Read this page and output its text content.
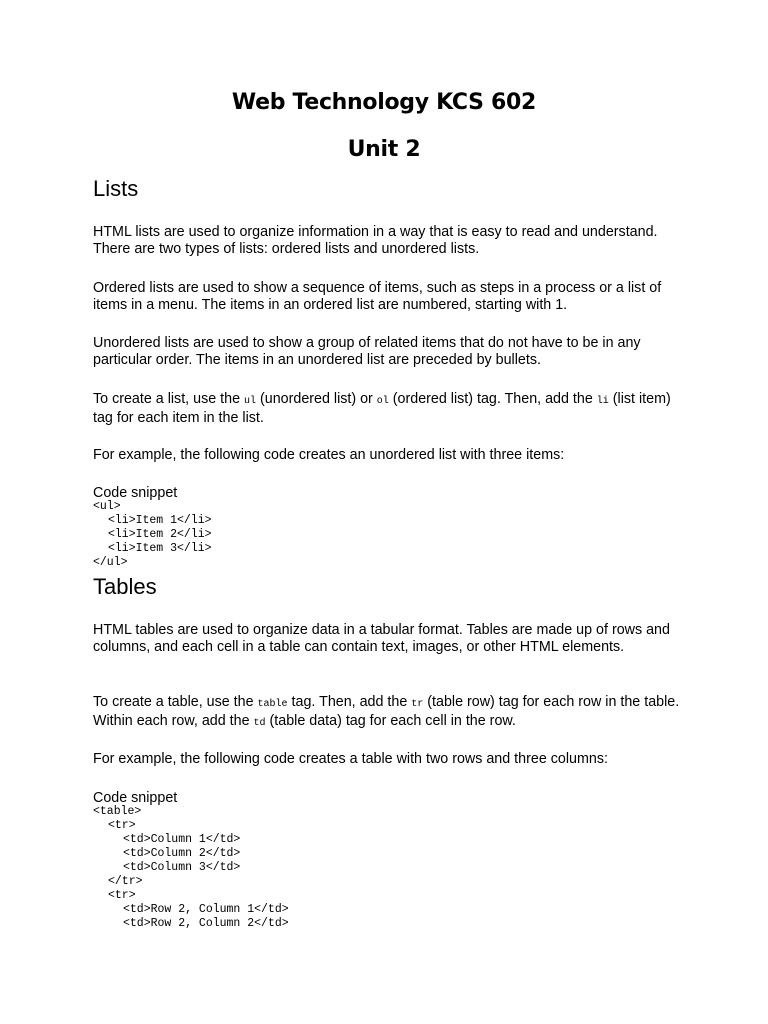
Web Technology KCS 602
Unit 2
Lists

HTML lists are used to organize information in a way that is easy to read and understand. There are two types of lists: ordered lists and unordered lists.

Ordered lists are used to show a sequence of items, such as steps in a process or a list of items in a menu. The items in an ordered list are numbered, starting with 1.

Unordered lists are used to show a group of related items that do not have to be in any particular order. The items in an unordered list are preceded by bullets.

To create a list, use the ul (unordered list) or ol (ordered list) tag. Then, add the li (list item) tag for each item in the list.

For example, the following code creates an unordered list with three items:

Code snippet

<ul>
<li>Item 1</li>
<li>Item 2</li>
<li>Item 3</li>
</ul>
Tables

HTML tables are used to organize data in a tabular format. Tables are made up of rows and columns, and each cell in a table can contain text, images, or other HTML elements.

To create a table, use the table tag. Then, add the tr (table row) tag for each row in the table. Within each row, add the td (table data) tag for each cell in the row.

For example, the following code creates a table with two rows and three columns:

Code snippet

<table>
<tr>
<td>Column 1</td>
<td>Column 2</td>
<td>Column 3</td>
</tr>
<tr>
<td>Row 2, Column 1</td>
<td>Row 2, Column 2</td>
